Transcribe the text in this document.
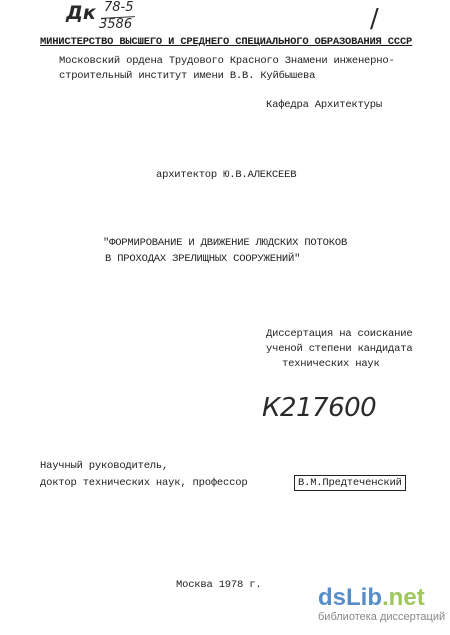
Дк 78-5
3586	/
МИНИСТЕРСТВО ВЫСШЕГО И СРЕДНЕГО СПЕЦИАЛЬНОГО ОБРАЗОВАНИЯ СССР
Московский ордена Трудового Красного Знамени инженерно-
строительный институт имени В.В. Куйбышева
Кафедра Архитектуры
архитектор Ю.В.АЛЕКСЕЕВ
"ФОРМИРОВАНИЕ И ДВИЖЕНИЕ ЛЮДСКИХ ПОТОКОВ
В ПРОХОДАХ ЗРЕЛИЩНЫХ СООРУЖЕНИЙ"
Диссертация на соискание
ученой степени кандидата
технических наук
К217600
Научный руководитель,
доктор технических наук, профессор	В.М.Предтеченский
Москва 1978 г. dsLib.net
библиотека диссертаций
